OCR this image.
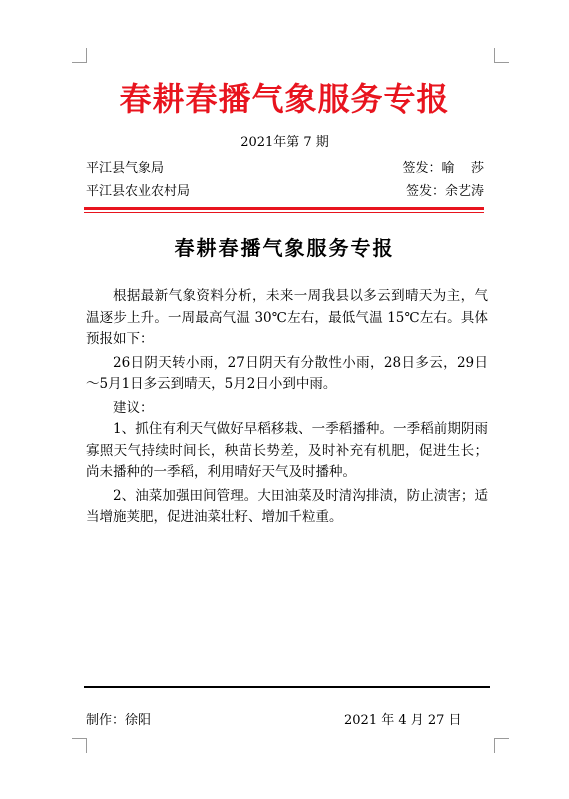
春耕春播气象服务专报
2021年第 7 期
平江县气象局	签发：喻    莎
平江县农业农村局	签发：余艺涛
春耕春播气象服务专报

根据最新气象资料分析，未来一周我县以多云到晴天为主，气温逐步上升。一周最高气温 30℃左右，最低气温 15℃左右。具体预报如下：

26日阴天转小雨，27日阴天有分散性小雨，28日多云，29日～5月1日多云到晴天，5月2日小到中雨。

建议：

1、抓住有利天气做好早稻移栽、一季稻播种。一季稻前期阴雨寡照天气持续时间长，秧苗长势差，及时补充有机肥，促进生长；尚未播种的一季稻，利用晴好天气及时播种。

2、油菜加强田间管理。大田油菜及时清沟排渍，防止渍害；适当增施荚肥，促进油菜壮籽、增加千粒重。

制作：徐阳	2021 年 4 月 27 日
